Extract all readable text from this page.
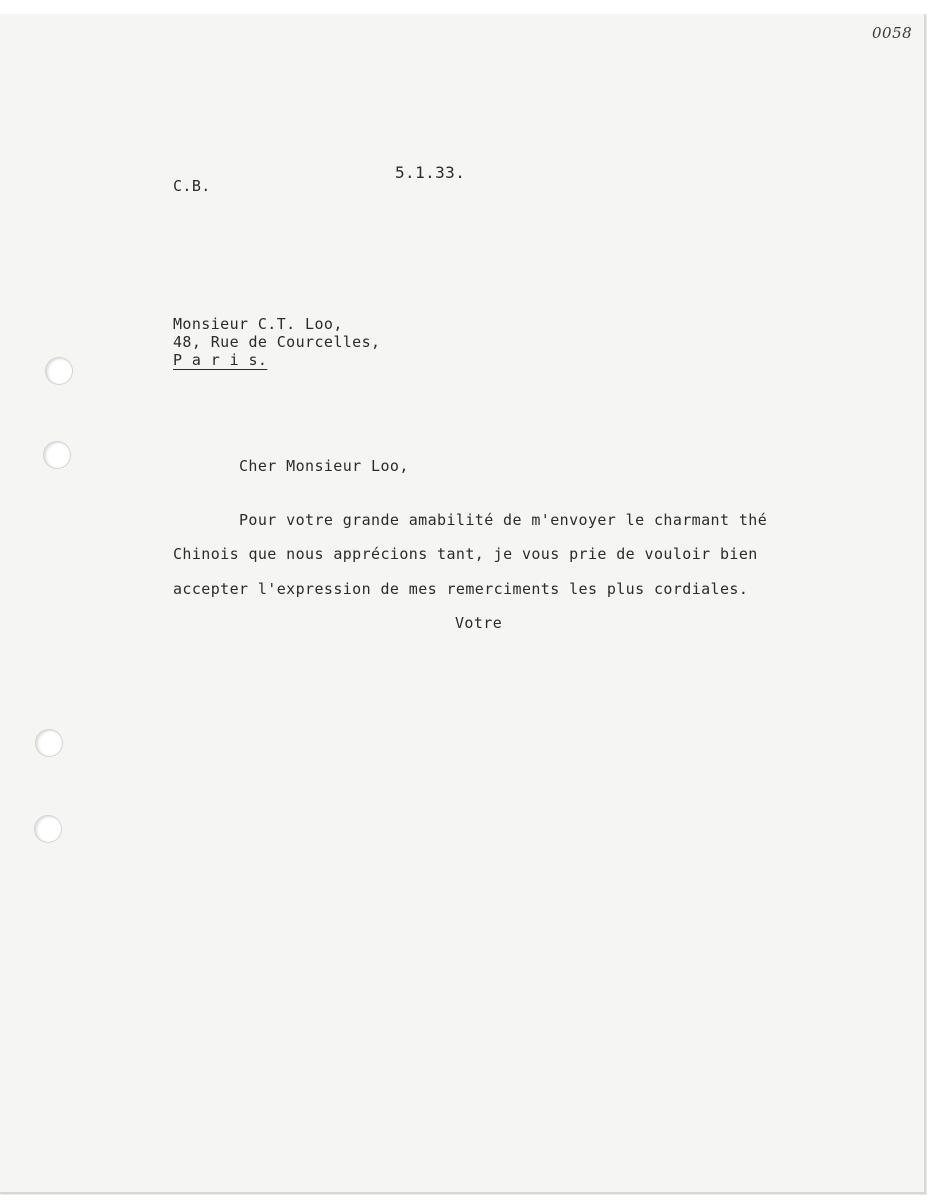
0058
C.B.
5.1.33.
Monsieur C.T. Loo,
48, Rue de Courcelles,
P a r i s.
Cher Monsieur Loo,
Pour votre grande amabilité de m'envoyer le charmant thé
Chinois que nous apprécions tant, je vous prie de vouloir bien
accepter l'expression de mes remerciments les plus cordiales.
Votre
